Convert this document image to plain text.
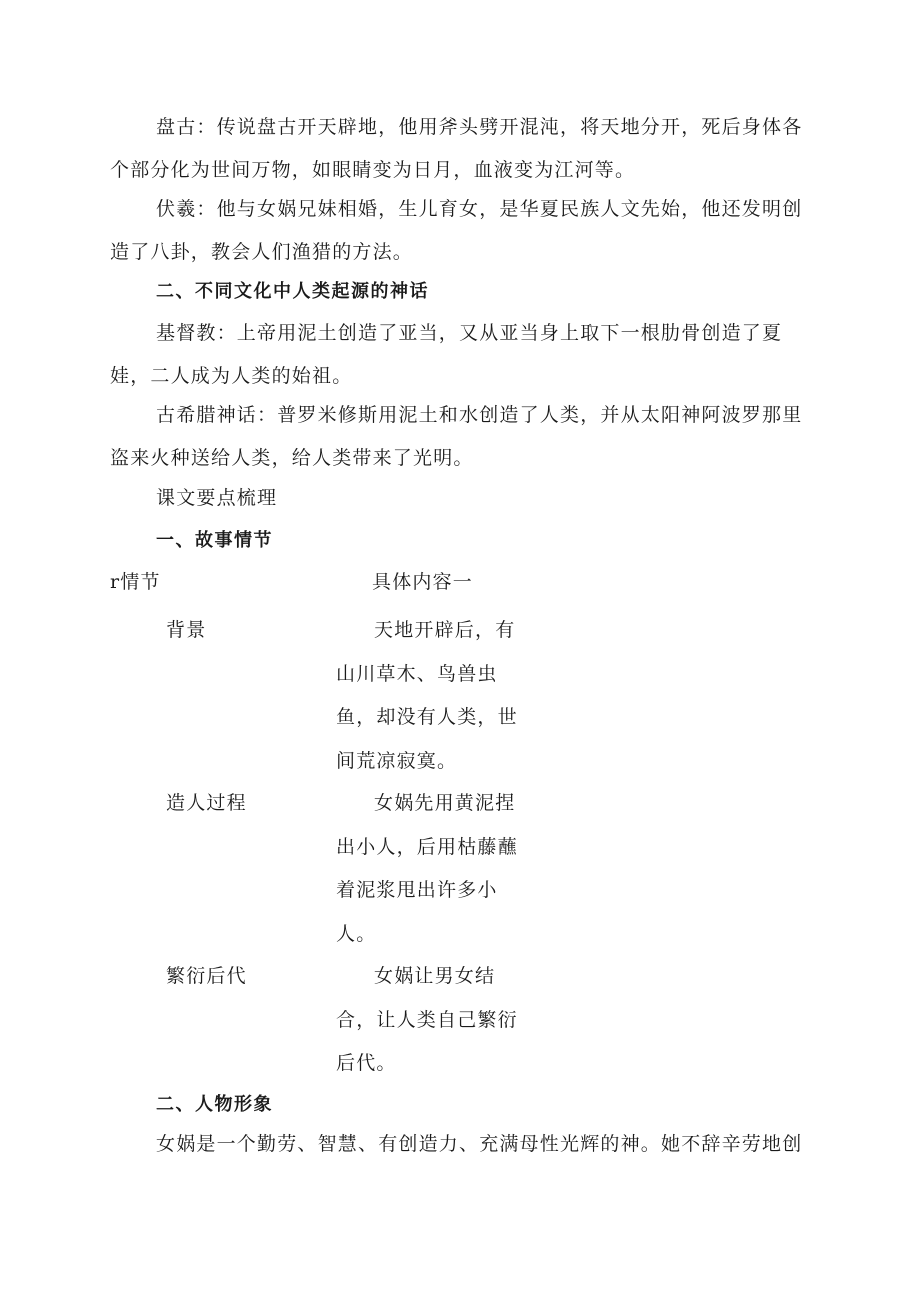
盘古：传说盘古开天辟地，他用斧头劈开混沌，将天地分开，死后身体各个部分化为世间万物，如眼睛变为日月，血液变为江河等。

伏羲：他与女娲兄妹相婚，生儿育女，是华夏民族人文先始，他还发明创造了八卦，教会人们渔猎的方法。

二、不同文化中人类起源的神话

基督教：上帝用泥土创造了亚当，又从亚当身上取下一根肋骨创造了夏娃，二人成为人类的始祖。

古希腊神话：普罗米修斯用泥土和水创造了人类，并从太阳神阿波罗那里盗来火种送给人类，给人类带来了光明。

课文要点梳理

一、故事情节

r情节	具体内容一
背景	天地开辟后，有山川草木、鸟兽虫鱼，却没有人类，世间荒凉寂寞。

造人过程	女娲先用黄泥捏出小人，后用枯藤蘸着泥浆甩出许多小人。

繁衍后代	女娲让男女结合，让人类自己繁衍后代。

二、人物形象

女娲是一个勤劳、智慧、有创造力、充满母性光辉的神。她不辞辛劳地创
